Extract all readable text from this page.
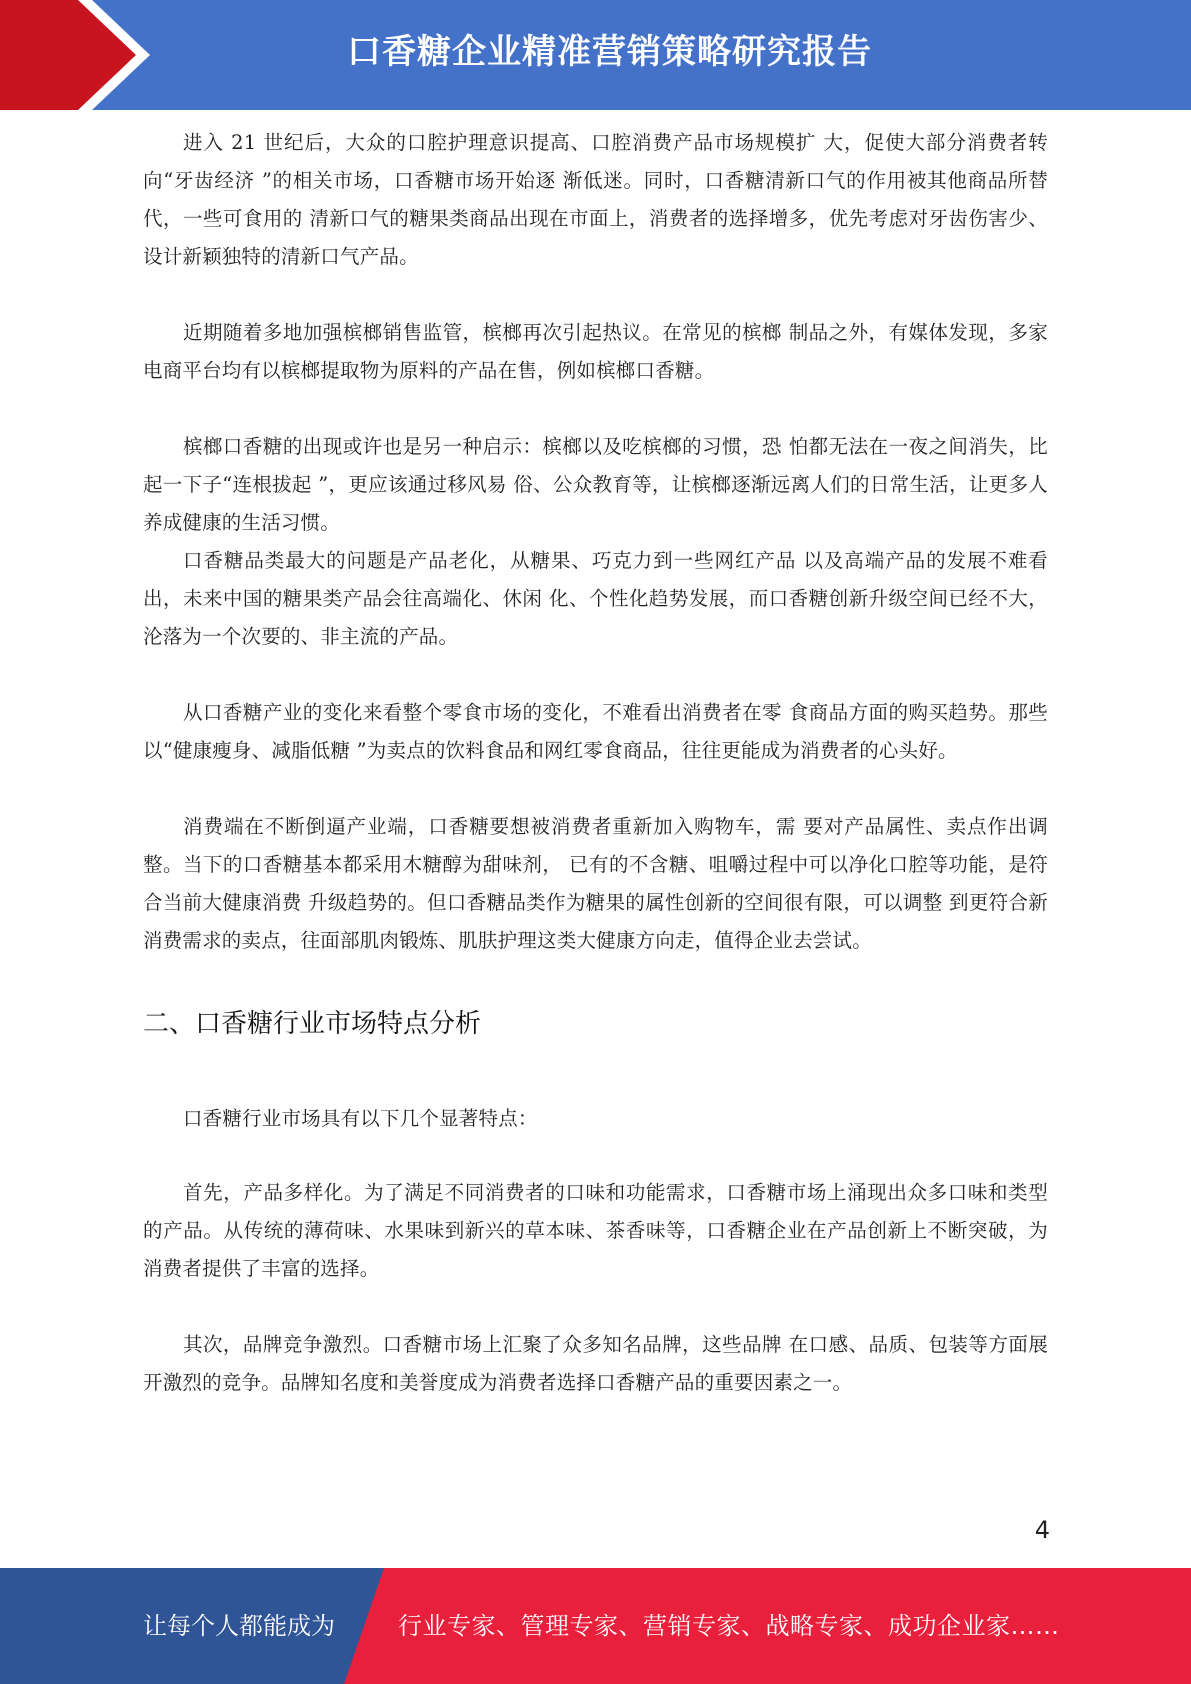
口香糖企业精准营销策略研究报告

进入 21 世纪后，大众的口腔护理意识提高、口腔消费产品市场规模扩 大，促使大部分消费者转向“牙齿经济 ”的相关市场，口香糖市场开始逐 渐低迷。同时，口香糖清新口气的作用被其他商品所替代，一些可食用的 清新口气的糖果类商品出现在市面上，消费者的选择增多，优先考虑对牙齿伤害少、设计新颖独特的清新口气产品。

近期随着多地加强槟榔销售监管，槟榔再次引起热议。在常见的槟榔 制品之外，有媒体发现，多家电商平台均有以槟榔提取物为原料的产品在售，例如槟榔口香糖。

槟榔口香糖的出现或许也是另一种启示：槟榔以及吃槟榔的习惯，恐 怕都无法在一夜之间消失，比起一下子“连根拔起 ”，更应该通过移风易 俗、公众教育等，让槟榔逐渐远离人们的日常生活，让更多人养成健康的生活习惯。

口香糖品类最大的问题是产品老化，从糖果、巧克力到一些网红产品 以及高端产品的发展不难看出，未来中国的糖果类产品会往高端化、休闲 化、个性化趋势发展，而口香糖创新升级空间已经不大，沦落为一个次要的、非主流的产品。

从口香糖产业的变化来看整个零食市场的变化，不难看出消费者在零 食商品方面的购买趋势。那些以“健康瘦身、减脂低糖 ”为卖点的饮料食品和网红零食商品，往往更能成为消费者的心头好。

消费端在不断倒逼产业端，口香糖要想被消费者重新加入购物车，需 要对产品属性、卖点作出调整。当下的口香糖基本都采用木糖醇为甜味剂， 已有的不含糖、咀嚼过程中可以净化口腔等功能，是符合当前大健康消费 升级趋势的。但口香糖品类作为糖果的属性创新的空间很有限，可以调整 到更符合新消费需求的卖点，往面部肌肉锻炼、肌肤护理这类大健康方向走，值得企业去尝试。

二、口香糖行业市场特点分析

口香糖行业市场具有以下几个显著特点：

首先，产品多样化。为了满足不同消费者的口味和功能需求，口香糖市场上涌现出众多口味和类型的产品。从传统的薄荷味、水果味到新兴的草本味、茶香味等，口香糖企业在产品创新上不断突破，为消费者提供了丰富的选择。

其次，品牌竞争激烈。口香糖市场上汇聚了众多知名品牌，这些品牌 在口感、品质、包装等方面展开激烈的竞争。品牌知名度和美誉度成为消费者选择口香糖产品的重要因素之一。

4
让每个人都能成为	行业专家、管理专家、营销专家、战略专家、成功企业家……
